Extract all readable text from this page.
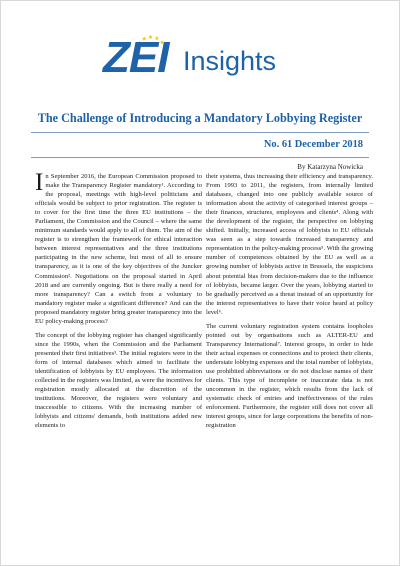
ZEI Insights
The Challenge of Introducing a Mandatory Lobbying Register
No. 61 December 2018
By Katarzyna Nowicka

In September 2016, the European Commission proposed to make the Transparency Register mandatory¹. According to the proposal, meetings with high-level politicians and officials would be subject to prior registration. The register is to cover for the first time the three EU institutions – the Parliament, the Commission and the Council – where the same minimum standards would apply to all of them. The aim of the register is to strengthen the framework for ethical interaction between interest representatives and the three institutions participating in the new scheme, but most of all to ensure transparency, as it is one of the key objectives of the Juncker Commission². Negotiations on the proposal started in April 2018 and are currently ongoing. But is there really a need for more transparency? Can a switch from a voluntary to mandatory register make a significant difference? And can the proposed mandatory register bring greater transparency into the EU policy-making process?

The concept of the lobbying register has changed significantly since the 1990s, when the Commission and the Parliament presented their first initiatives³. The initial registers were in the form of internal databases which aimed to facilitate the identification of lobbyists by EU employees. The information collected in the registers was limited, as were the incentives for registration mostly allocated at the discretion of the institutions. Moreover, the registers were voluntary and inaccessible to citizens. With the increasing number of lobbyists and citizens' demands, both institutions added new elements to

their systems, thus increasing their efficiency and transparency. From 1993 to 2011, the registers, from internally limited databases, changed into one publicly available source of information about the activity of categorised interest groups – their finances, structures, employees and clients⁴. Along with the development of the register, the perspective on lobbying shifted. Initially, increased access of lobbyists to EU officials was seen as a step towards increased transparency and representation in the policy-making process⁵. With the growing number of competences obtained by the EU as well as a growing number of lobbyists active in Brussels, the suspicions about potential bias from decision-makers due to the influence of lobbyists, became larger. Over the years, lobbying started to be gradually perceived as a threat instead of an opportunity for the interest representatives to have their voice heard at policy level⁶.

The current voluntary registration system contains loopholes pointed out by organisations such as ALTER-EU and Transparency International⁷. Interest groups, in order to hide their actual expenses or connections and to protect their clients, understate lobbying expenses and the total number of lobbyists, use prohibited abbreviations or do not disclose names of their clients. This type of incomplete or inaccurate data is not uncommon in the register, which results from the lack of systematic check of entries and ineffectiveness of the rules enforcement. Furthermore, the register still does not cover all interest groups, since for large corporations the benefits of non-registration
